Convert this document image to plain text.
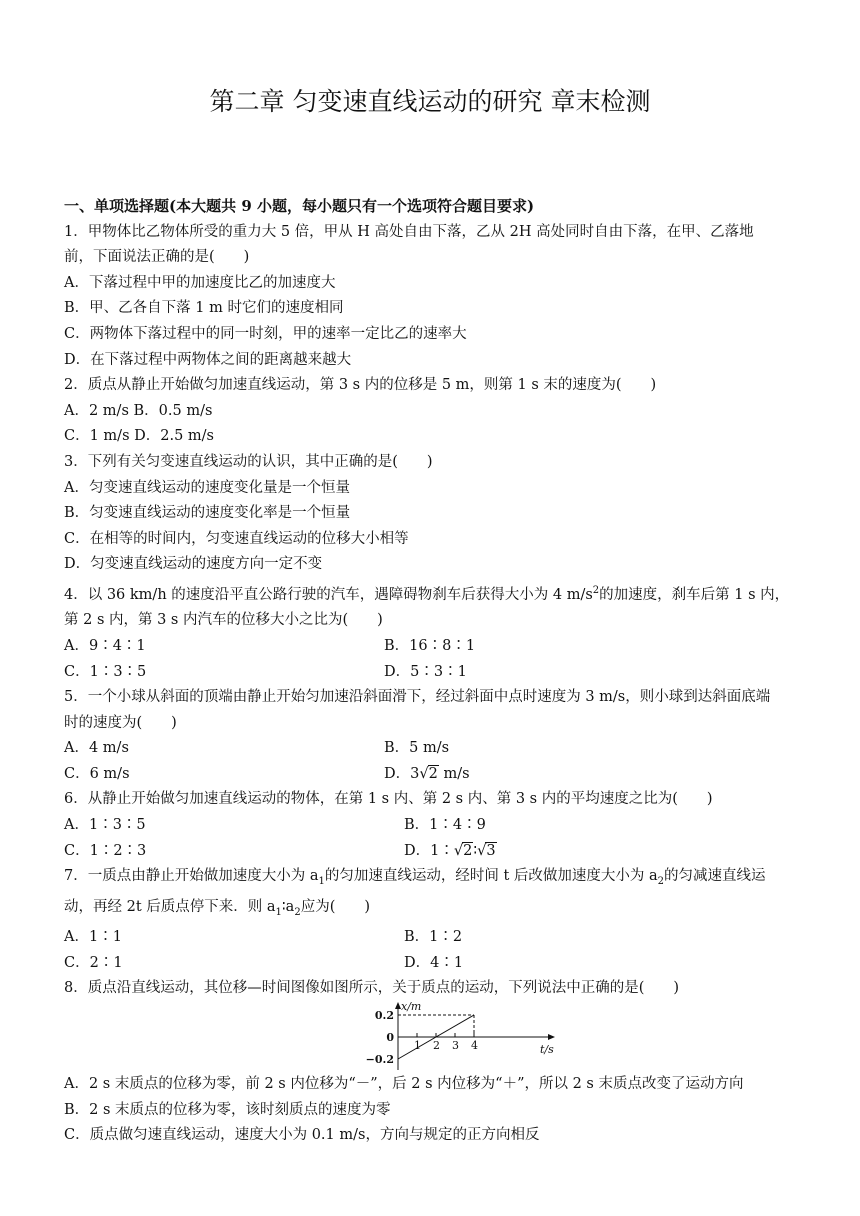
第二章 匀变速直线运动的研究 章末检测
一、单项选择题(本大题共 9 小题，每小题只有一个选项符合题目要求)
1．甲物体比乙物体所受的重力大 5 倍，甲从 H 高处自由下落，乙从 2H 高处同时自由下落，在甲、乙落地
前，下面说法正确的是(　　)
A．下落过程中甲的加速度比乙的加速度大
B．甲、乙各自下落 1 m 时它们的速度相同
C．两物体下落过程中的同一时刻，甲的速率一定比乙的速率大
D．在下落过程中两物体之间的距离越来越大
2．质点从静止开始做匀加速直线运动，第 3 s 内的位移是 5 m，则第 1 s 末的速度为(　　)
A．2 m/s B．0.5 m/s
C．1 m/s D．2.5 m/s
3．下列有关匀变速直线运动的认识，其中正确的是(　　)
A．匀变速直线运动的速度变化量是一个恒量
B．匀变速直线运动的速度变化率是一个恒量
C．在相等的时间内，匀变速直线运动的位移大小相等
D．匀变速直线运动的速度方向一定不变
4．以 36 km/h 的速度沿平直公路行驶的汽车，遇障碍物刹车后获得大小为 4 $m/s^2$的加速度，刹车后第 1 s 内，
第 2 s 内，第 3 s 内汽车的位移大小之比为(　　)
A．9∶4∶1	B．16∶8∶1
C．1∶3∶5	D．5∶3∶1
5．一个小球从斜面的顶端由静止开始匀加速沿斜面滑下，经过斜面中点时速度为 3 m/s，则小球到达斜面底端
时的速度为(　　)
A．4 m/s	B．5 m/s
C．6 m/s	D．3√2 m/s
6．从静止开始做匀加速直线运动的物体，在第 1 s 内、第 2 s 内、第 3 s 内的平均速度之比为(　　)
A．1∶3∶5	B．1∶4∶9
C．1∶2∶3	D．1∶√2∶√3
7．一质点由静止开始做加速度大小为 $a_1$的匀加速直线运动，经时间 t 后改做加速度大小为 $a_2$的匀减速直线运
动，再经 2t 后质点停下来．则 $a_1∶a_2$应为(　　)
A．1∶1	B．1∶2
C．2∶1	D．4∶1
8．质点沿直线运动，其位移—时间图像如图所示，关于质点的运动，下列说法中正确的是(　　)
x/m
t/s
1 2 3 4
0.2
0
−0.2
A．2 s 末质点的位移为零，前 2 s 内位移为“－”，后 2 s 内位移为“＋”，所以 2 s 末质点改变了运动方向
B．2 s 末质点的位移为零，该时刻质点的速度为零
C．质点做匀速直线运动，速度大小为 0.1 m/s，方向与规定的正方向相反
